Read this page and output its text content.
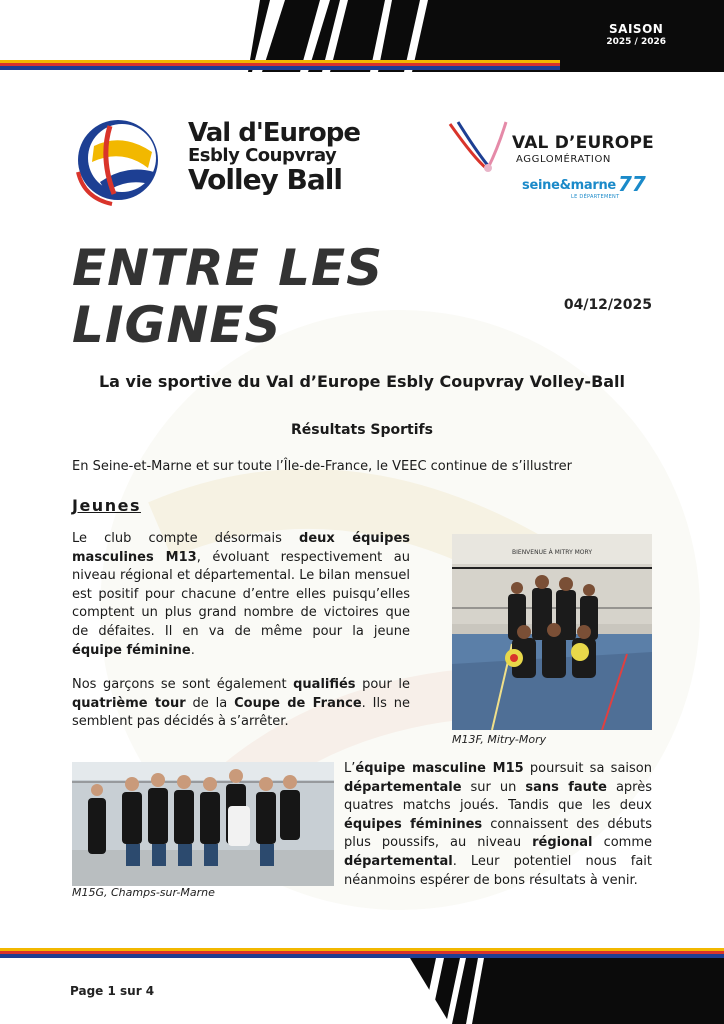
SAISON
2025 / 2026
Val d'Europe
Esbly Coupvray
Volley Ball
VAL D’EUROPE
AGGLOMÉRATION
seine&marne 77
LE DÉPARTEMENT
ENTRE LES
LIGNES	04/12/2025
La vie sportive du Val d’Europe Esbly Coupvray Volley-Ball
Résultats Sportifs
En Seine-et-Marne et sur toute l’Île-de-France, le VEEC continue de s’illustrer
Jeunes
Le club compte désormais deux équipes masculines M13, évoluant respectivement au niveau régional et départemental. Le bilan mensuel est positif pour chacune d’entre elles puisqu’elles comptent un plus grand nombre de victoires que de défaites. Il en va de même pour la jeune équipe féminine.
Nos garçons se sont également qualifiés pour le quatrième tour de la Coupe de France. Ils ne semblent pas décidés à s’arrêter.
BIENVENUE À MITRY MORY
M13F, Mitry-Mory
M15G, Champs-sur-Marne
L’équipe masculine M15 poursuit sa saison départementale sur un sans faute après quatres matchs joués. Tandis que les deux équipes féminines connaissent des débuts plus poussifs, au niveau régional comme départemental. Leur potentiel nous fait néanmoins espérer de bons résultats à venir.
Page 1 sur 4
